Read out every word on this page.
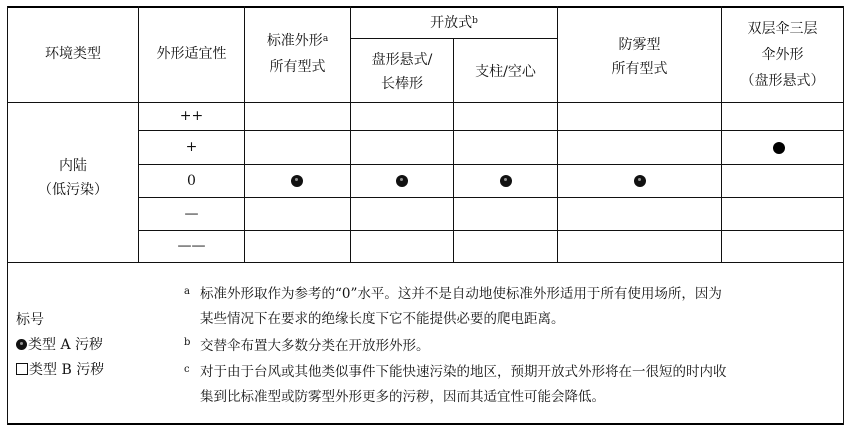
环境类型	外形适宜性
标准外形$^a$
所有型式
开放式$^b$
盘形悬式/
长棒形
支柱/空心
防雾型
所有型式
双层伞三层
伞外形
（盘形悬式）
内陆
（低污染）
++
+
0
—
——
标号
类型 A 污秽
类型 B 污秽
a 标准外形取作为参考的“0”水平。这并不是自动地使标准外形适用于所有使用场所，因为
某些情况下在要求的绝缘长度下它不能提供必要的爬电距离。
b 交替伞布置大多数分类在开放形外形。
c 对于由于台风或其他类似事件下能快速污染的地区，预期开放式外形将在一很短的时内收
集到比标准型或防雾型外形更多的污秽，因而其适宜性可能会降低。
